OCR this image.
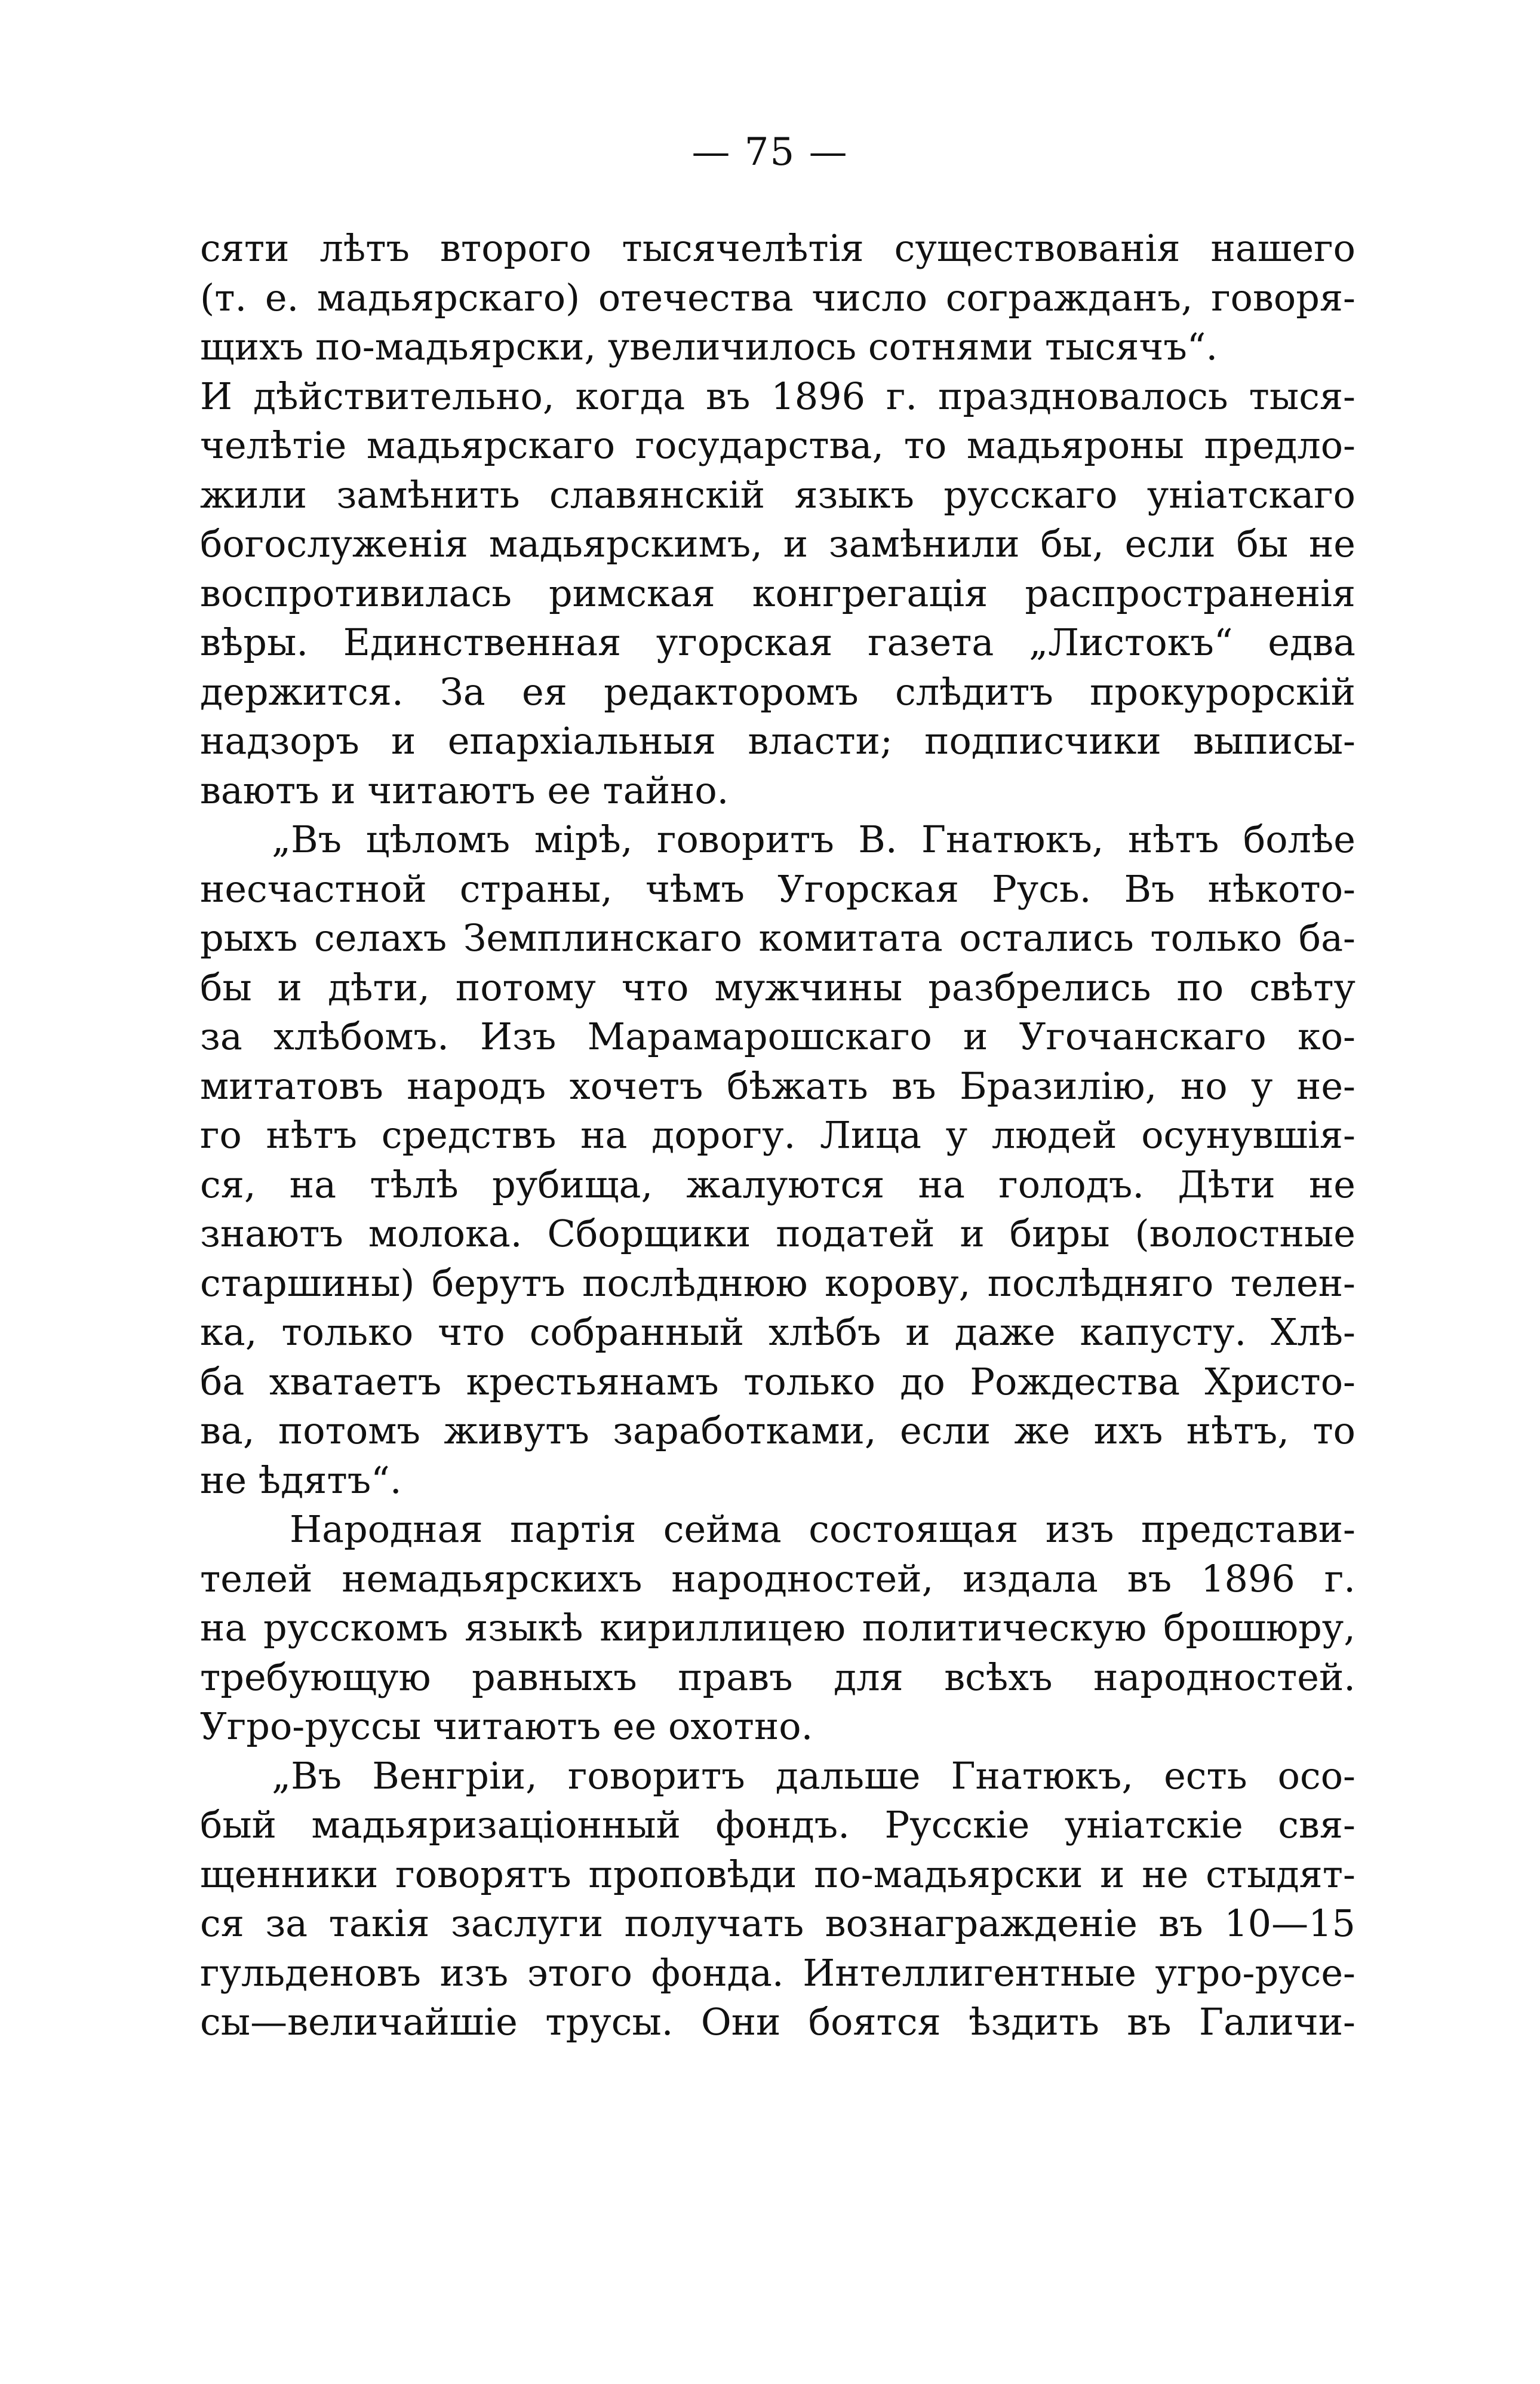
— 75 —
сяти лѣтъ второго тысячелѣтія существованія нашего
(т. е. мадьярскаго) отечества число согражданъ, говоря-
щихъ по-мадьярски, увеличилось сотнями тысячъ“.
И дѣйствительно, когда въ 1896 г. праздновалось тыся-
челѣтіе мадьярскаго государства, то мадьяроны предло-
жили замѣнить славянскій языкъ русскаго уніатскаго
богослуженія мадьярскимъ, и замѣнили бы, если бы не
воспротивилась римская конгрегація распространенія
вѣры. Единственная угорская газета „Листокъ“ едва
держится. За ея редакторомъ слѣдитъ прокурорскій
надзоръ и епархіальныя власти; подписчики выписы-
ваютъ и читаютъ ее тайно.
„Въ цѣломъ мірѣ, говоритъ В. Гнатюкъ, нѣтъ болѣе
несчастной страны, чѣмъ Угорская Русь. Въ нѣкото-
рыхъ селахъ Земплинскаго комитата остались только ба-
бы и дѣти, потому что мужчины разбрелись по свѣту
за хлѣбомъ. Изъ Марамарошскаго и Угочанскаго ко-
митатовъ народъ хочетъ бѣжать въ Бразилію, но у не-
го нѣтъ средствъ на дорогу. Лица у людей осунувшія-
ся, на тѣлѣ рубища, жалуются на голодъ. Дѣти не
знаютъ молока. Сборщики податей и биры (волостные
старшины) берутъ послѣднюю корову, послѣдняго телен-
ка, только что собранный хлѣбъ и даже капусту. Хлѣ-
ба хватаетъ крестьянамъ только до Рождества Христо-
ва, потомъ живутъ заработками, если же ихъ нѣтъ, то
не ѣдятъ“.
Народная партія сейма состоящая изъ представи-
телей немадьярскихъ народностей, издала въ 1896 г.
на русскомъ языкѣ кириллицею политическую брошюру,
требующую равныхъ правъ для всѣхъ народностей.
Угро-руссы читаютъ ее охотно.
„Въ Венгріи, говоритъ дальше Гнатюкъ, есть осо-
бый мадьяризаціонный фондъ. Русскіе уніатскіе свя-
щенники говорятъ проповѣди по-мадьярски и не стыдят-
ся за такія заслуги получать вознагражденіе въ 10—15
гульденовъ изъ этого фонда. Интеллигентные угро-русе-
сы—величайшіе трусы. Они боятся ѣздить въ Галичи-
